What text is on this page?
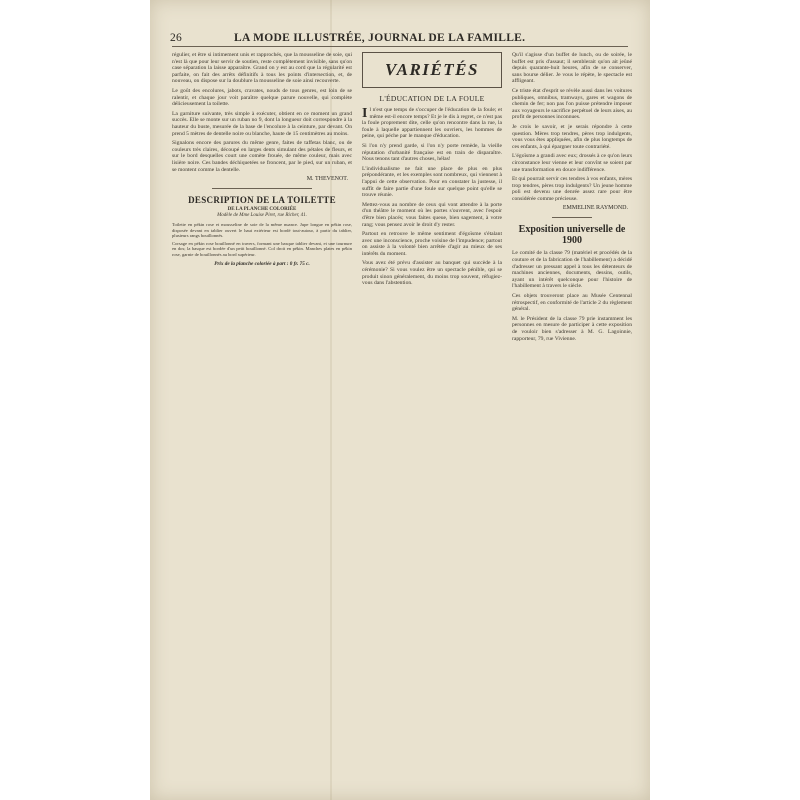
26	LA MODE ILLUSTRÉE, JOURNAL DE LA FAMILLE.

régulier, et être si intimement unis et rapprochés, que la mousseline de soie, qui n'est là que pour leur servir de soutien, reste complètement invisible, sans qu'on case séparation la laisse apparaître. Grand on y est au cord que la régularité est parfaite, on fait des arrêts définitifs à tous les points d'intersection, et, de nouveau, on dispose sur la doublure la mousseline de soie ainsi recouverte.

Le goût des encolures, jabots, cravates, nouds de tous genres, est loin de se ralentir, et chaque jour voit paraître quelque parure nouvelle, qui complète délicieusement la toilette.

La garniture suivante, très simple à exécuter, obtient en ce moment un grand succès. Elle se monte sur un ruban no 9, dont la longueur doit correspondre à la hauteur du buste, mesurée de la base de l'encolure à la ceinture, par devant. On prend 5 mètres de dentelle noire ou blanche, haute de 15 centimètres au moins.

Signalons encore des parures du même genre, faites de taffetas blanc, ou de couleurs très claires, découpé en larges dents simulant des pétales de fleurs, et sur le bord desquelles court une comète frouée, de même couleur, mais avec lisière noire. Ces bandes déchiquetées se froncent, par le pied, sur un ruban, et se montent comme la dentelle.

M. THEVENOT.
DESCRIPTION DE LA TOILETTE
DE LA PLANCHE COLORIÉE
Modèle de Mme Louise Piret, rue Richer, 41.

Toilette en pékin rose et mousseline de soie de la même nuance. Jupe longue en pékin rose, disposée devant en tablier ouvert le haut extérieur est bordé tout-autour, à partir du tablier, plusieurs rangs bouillonnés.

Corsage en pékin rose bouillonné en travers, formant une basque tablier devant, et une tournure en dos; la basque est bordée d'un petit bouillonné. Col droit en pékin. Manches plates en pékin rose, garnie de bouillonnés au bord supérieur.

Prix de la planche coloriée à part : 0 fr. 75 c.
VARIÉTÉS
L'ÉDUCATION DE LA FOULE

Il n'est que temps de s'occuper de l'éducation de la foule; et même est-il encore temps? Et je le dis à regret, ce n'est pas la foule proprement dite, celle qu'on rencontre dans la rue, la foule à laquelle appartiennent les ouvriers, les hommes de peine, qui péche par le manque d'éducation.

Si l'on n'y prend garde, si l'on n'y porte remède, la vieille réputation d'urbanité française est en train de disparaître. Nous tenons tant d'autres choses, hélas!

L'individualisme ne fait une place de plus en plus prépondérante, et les exemples sont nombreux, qui viennent à l'appui de cette observation. Pour en constater la justesse, il suffit de faire partie d'une foule sur quelque point qu'elle se trouve réunie.

Mettez-vous au nombre de ceux qui vont attendre à la porte d'un théâtre le moment où les portes s'ouvrent, avec l'espoir d'être bien placés; vous faites queue, bien sagement, à votre rang; vous pensez avoir le droit d'y rester.

Partout en retrouve le même sentiment d'égoïsme s'étalant avec une inconscience, proche voisine de l'impudence; partout on assiste à la volonté bien arrêtée d'agir au mieux de ses intérêts du moment.

Vous avez été prévu d'assister au banquet qui succède à la cérémonie? Si vous voulez être un spectacle pénible, qui se produit sinon généralement, du moins trop souvent, réfugiez-vous dans l'abstention.

Qu'il s'agisse d'un buffet de lunch, ou de soirée, le buffet est pris d'assaut; il semblerait qu'on ait jeûné depuis quarante-huit heures, afin de se conserver, sans bourse délier. Je vous le répète, le spectacle est affligeant.

Ce triste état d'esprit se révèle aussi dans les voitures publiques, omnibus, tramways, gares et wagons de chemin de fer; non pas l'on puisse prétendre imposer aux voyageurs le sacrifice perpétuel de leurs aises, au profit de personnes inconnues.

Je crois le savoir, et je serais répondre à cette question. Mères trop tendres, pères trop indulgents, vous vous êtes appliquées, afin de plus longtemps de ces enfants, à qui épargner toute contrariété.

L'égoïsme a grandi avec eux; drossés à ce qu'on leurs circonstance leur vienne et leur convînt se soient par une transformation en douce indifférence.

Et qui pourrait servir ces tendres à vos enfants, mères trop tendres, pères trop indulgents? Un jeune homme poli est devenu une denrée assez rare pour être considérée comme précieuse.

EMMELINE RAYMOND.
Exposition universelle de 1900

Le comité de la classe 79 (matériel et procédés de la couture et de la fabrication de l'habillement) a décidé d'adresser un pressant appel à tous les détenteurs de machines anciennes, documents, dessins, outils, ayant un intérêt quelconque pour l'histoire de l'habillement à travers le siècle.

Ces objets trouveront place au Musée Centennal rétrospectif, en conformité de l'article 2 du règlement général.

M. le Président de la classe 79 prie instamment les personnes en mesure de participer à cette exposition de vouloir bien s'adresser à M. G. Lagoinnie, rapporteur, 79, rue Vivienne.
